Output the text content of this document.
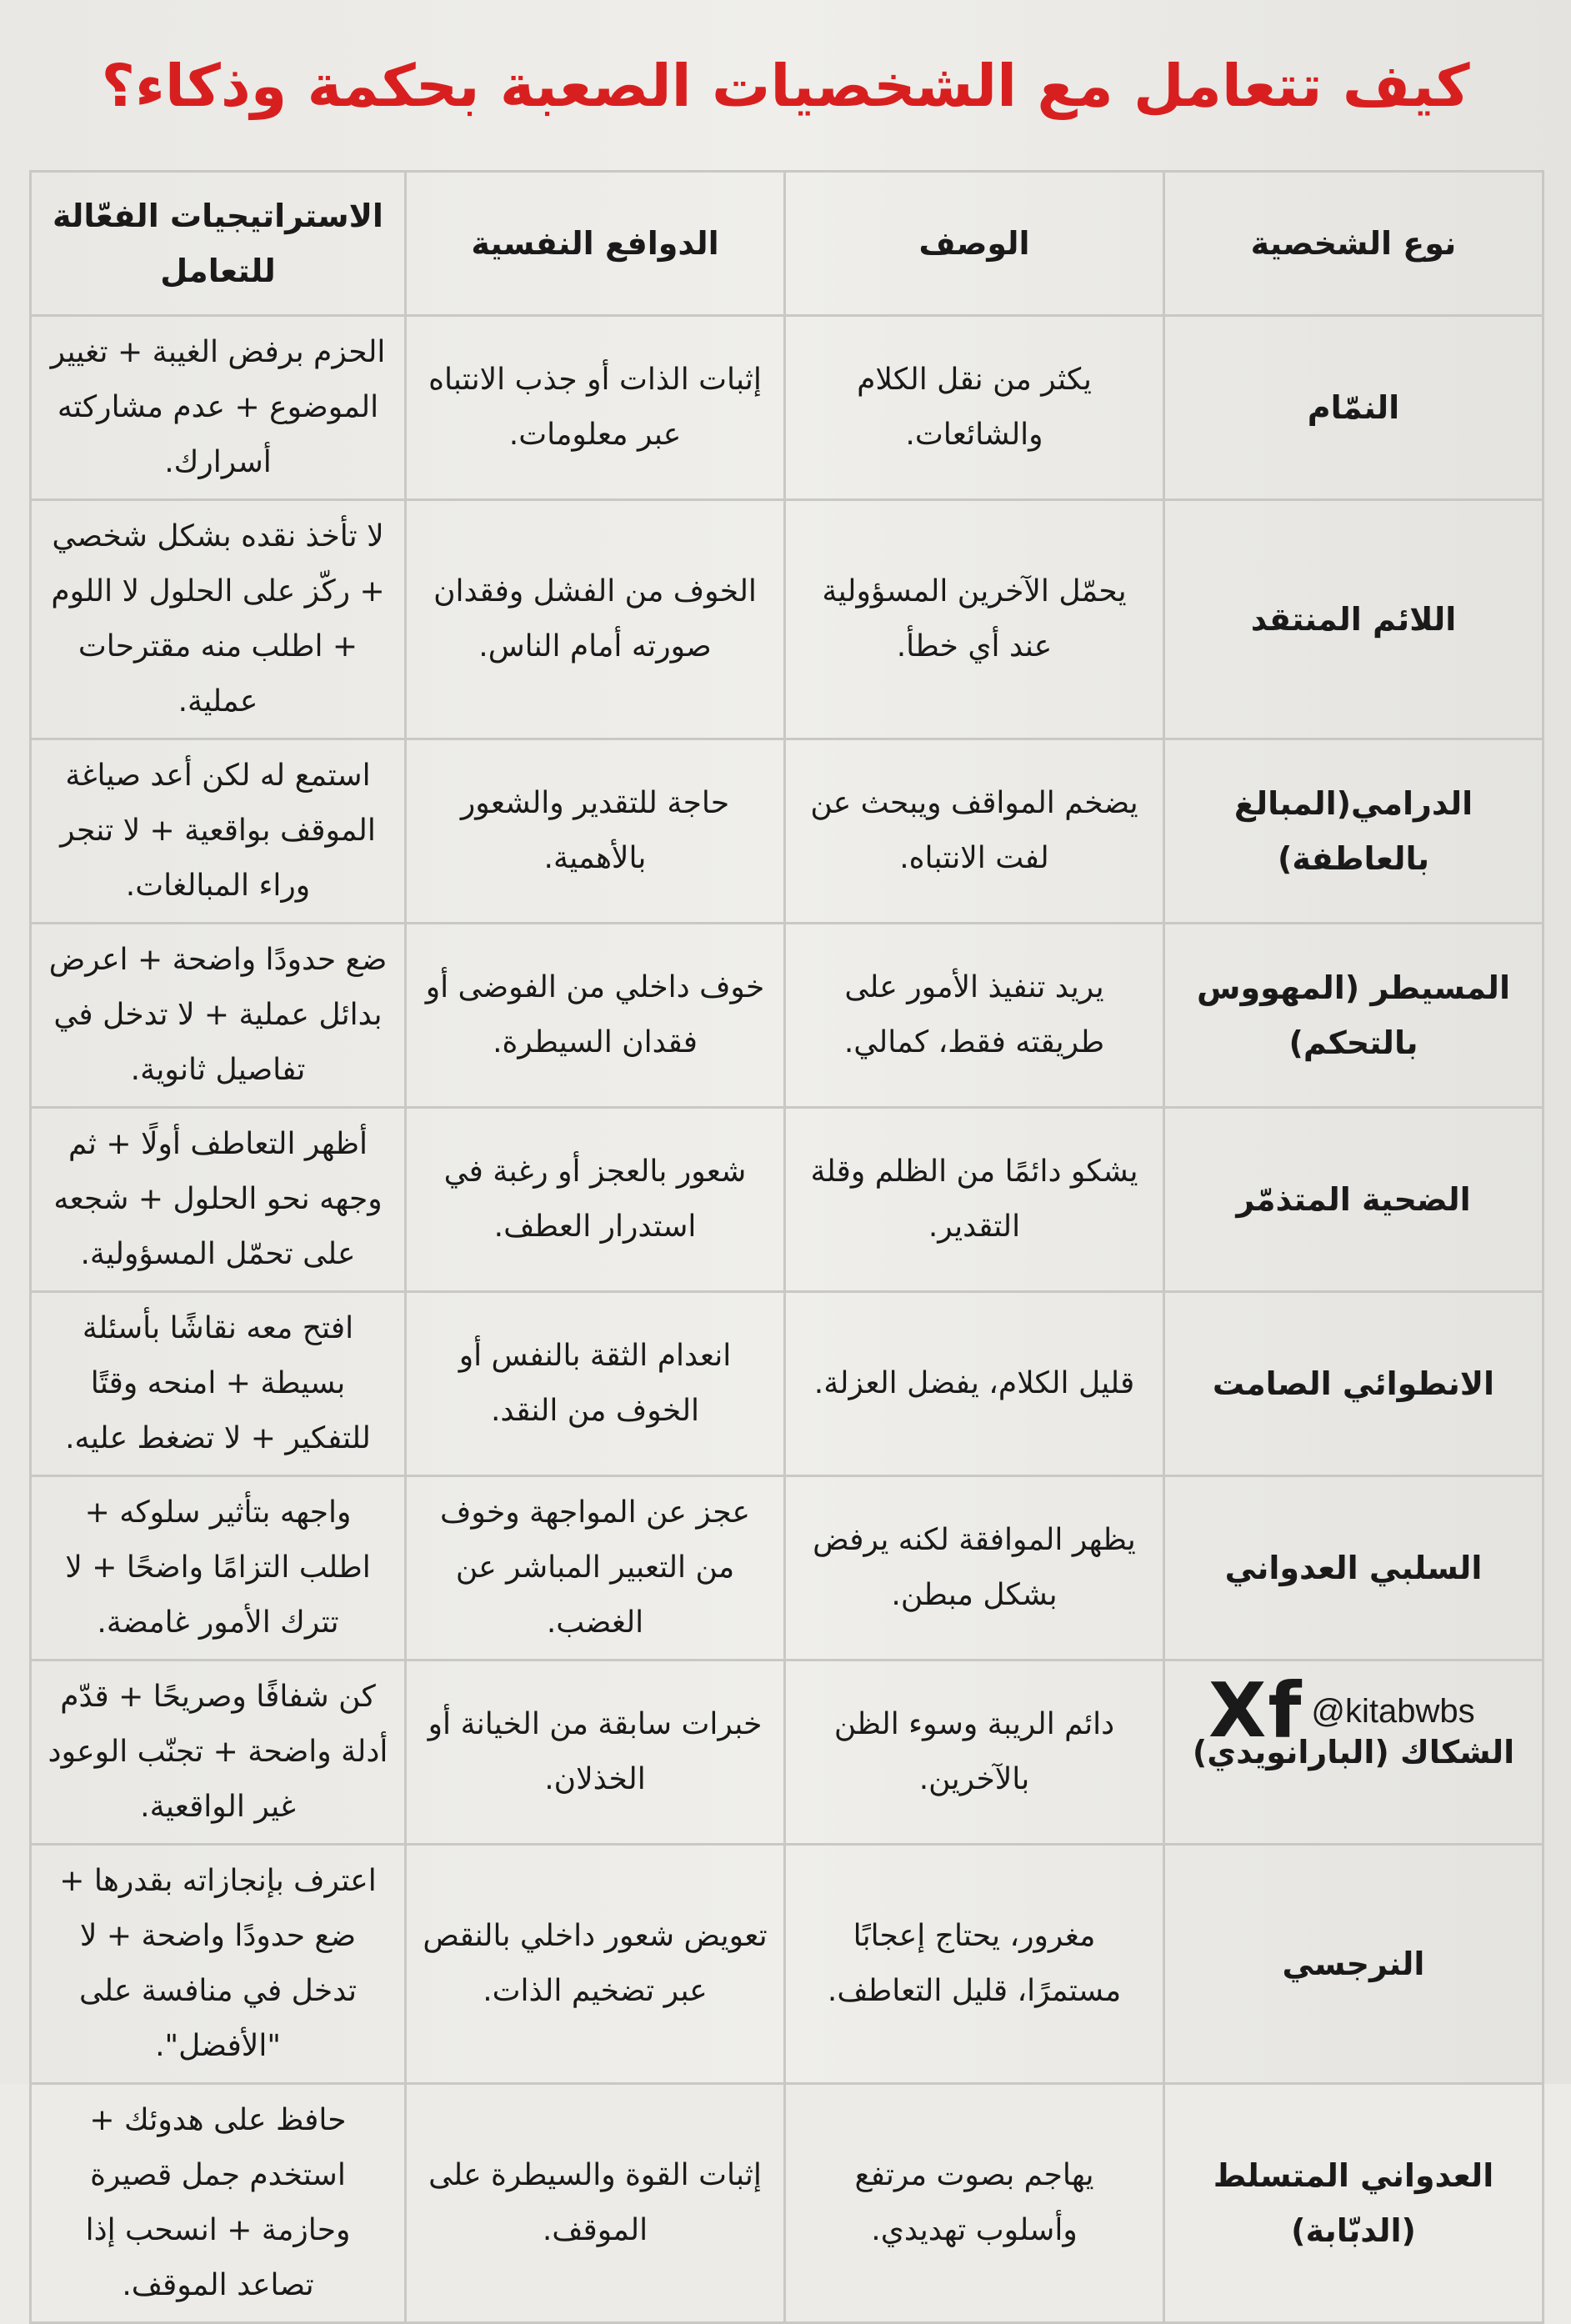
كيف تتعامل مع الشخصيات الصعبة بحكمة وذكاء؟
نوع الشخصية	الوصف	الدوافع النفسية	الاستراتيجيات الفعّالة للتعامل
النمّام	يكثر من نقل الكلام والشائعات.	إثبات الذات أو جذب الانتباه عبر معلومات.	الحزم برفض الغيبة + تغيير الموضوع + عدم مشاركته أسرارك.
اللائم المنتقد	يحمّل الآخرين المسؤولية عند أي خطأ.	الخوف من الفشل وفقدان صورته أمام الناس.	لا تأخذ نقده بشكل شخصي + ركّز على الحلول لا اللوم + اطلب منه مقترحات عملية.
الدرامي(المبالغ بالعاطفة)	يضخم المواقف ويبحث عن لفت الانتباه.	حاجة للتقدير والشعور بالأهمية.	استمع له لكن أعد صياغة الموقف بواقعية + لا تنجر وراء المبالغات.
المسيطر (المهووس بالتحكم)	يريد تنفيذ الأمور على طريقته فقط، كمالي.	خوف داخلي من الفوضى أو فقدان السيطرة.	ضع حدودًا واضحة + اعرض بدائل عملية + لا تدخل في تفاصيل ثانوية.
الضحية المتذمّر	يشكو دائمًا من الظلم وقلة التقدير.	شعور بالعجز أو رغبة في استدرار العطف.	أظهر التعاطف أولًا + ثم وجهه نحو الحلول + شجعه على تحمّل المسؤولية.
الانطوائي الصامت	قليل الكلام، يفضل العزلة.	انعدام الثقة بالنفس أو الخوف من النقد.	افتح معه نقاشًا بأسئلة بسيطة + امنحه وقتًا للتفكير + لا تضغط عليه.
السلبي العدواني	يظهر الموافقة لكنه يرفض بشكل مبطن.	عجز عن المواجهة وخوف من التعبير المباشر عن الغضب.	واجهه بتأثير سلوكه + اطلب التزامًا واضحًا + لا تترك الأمور غامضة.
الشكاك (البارانويدي)	دائم الريبة وسوء الظن بالآخرين.	خبرات سابقة من الخيانة أو الخذلان.	كن شفافًا وصريحًا + قدّم أدلة واضحة + تجنّب الوعود غير الواقعية.
النرجسي	مغرور، يحتاج إعجابًا مستمرًا، قليل التعاطف.	تعويض شعور داخلي بالنقص عبر تضخيم الذات.	اعترف بإنجازاته بقدرها + ضع حدودًا واضحة + لا تدخل في منافسة على "الأفضل".
العدواني المتسلط (الدبّابة)	يهاجم بصوت مرتفع وأسلوب تهديدي.	إثبات القوة والسيطرة على الموقف.	حافظ على هدوئك + استخدم جمل قصيرة وحازمة + انسحب إذا تصاعد الموقف.
X f @kitabwbs
